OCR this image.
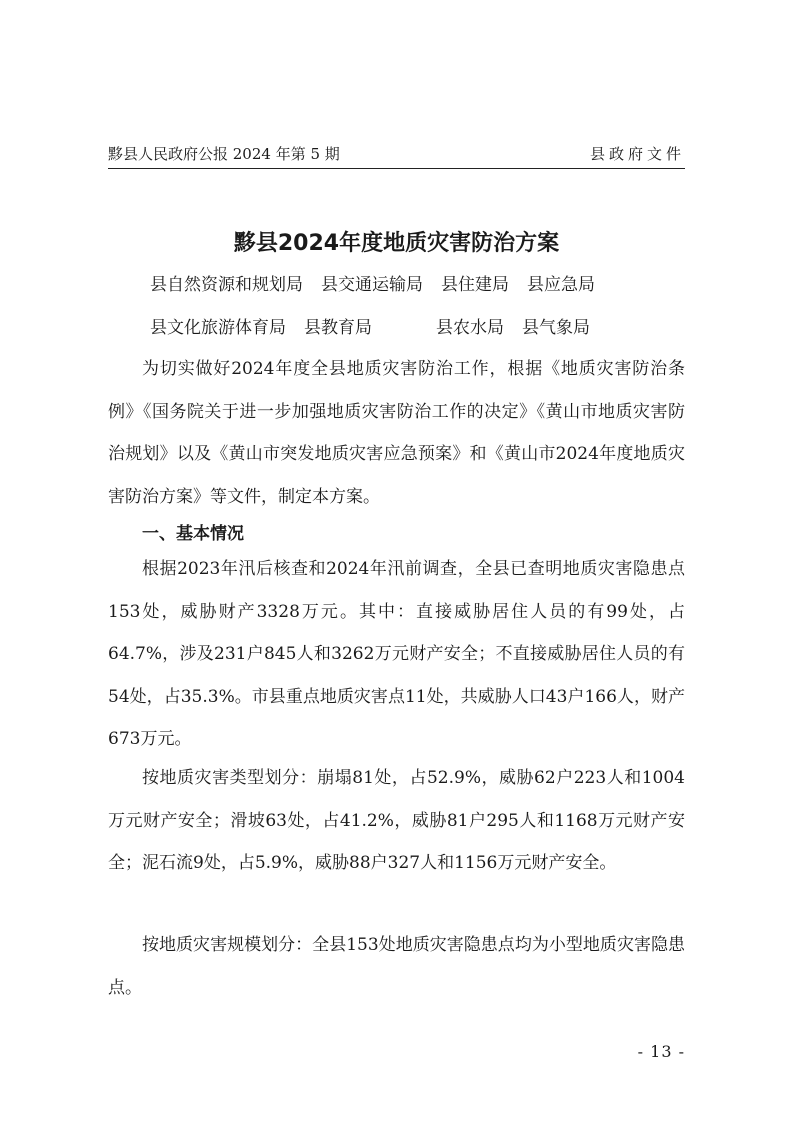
黟县人民政府公报 2024 年第 5 期	县政府文件
黟县2024年度地质灾害防治方案
县自然资源和规划局 县交通运输局 县住建局 县应急局
县文化旅游体育局 县教育局	县农水局 县气象局

为切实做好2024年度全县地质灾害防治工作，根据《地质灾害防治条例》《国务院关于进一步加强地质灾害防治工作的决定》《黄山市地质灾害防治规划》以及《黄山市突发地质灾害应急预案》和《黄山市2024年度地质灾害防治方案》等文件，制定本方案。

一、基本情况

根据2023年汛后核查和2024年汛前调查，全县已查明地质灾害隐患点153处，威胁财产3328万元。其中：直接威胁居住人员的有99处，占64.7%，涉及231户845人和3262万元财产安全；不直接威胁居住人员的有54处，占35.3%。市县重点地质灾害点11处，共威胁人口43户166人，财产673万元。

按地质灾害类型划分：崩塌81处，占52.9%，威胁62户223人和1004万元财产安全；滑坡63处，占41.2%，威胁81户295人和1168万元财产安全；泥石流9处，占5.9%，威胁88户327人和1156万元财产安全。

按地质灾害规模划分：全县153处地质灾害隐患点均为小型地质灾害隐患点。

- 13 -
